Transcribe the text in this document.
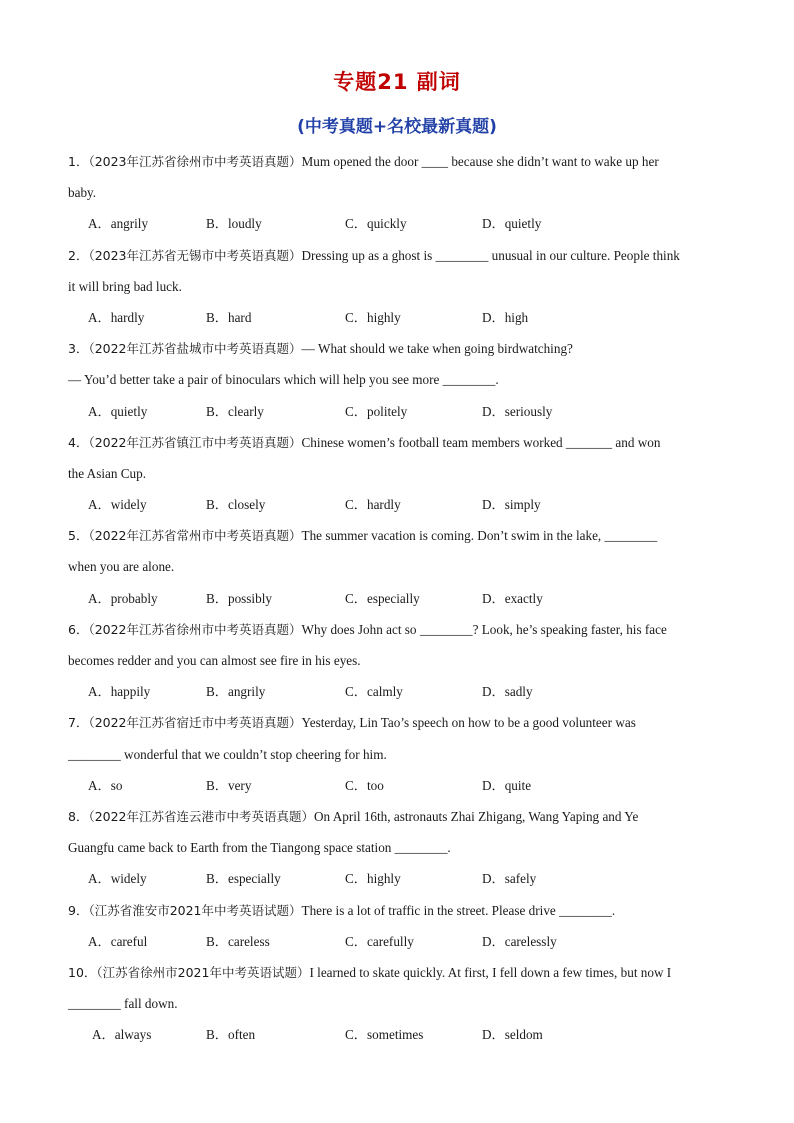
专题21 副词
(中考真题+名校最新真题)
1．（2023年江苏省徐州市中考英语真题）Mum opened the door ____ because she didn’t want to wake up her
baby.
A．angrily	B．loudly	C．quickly	D．quietly
2．（2023年江苏省无锡市中考英语真题）Dressing up as a ghost is ________ unusual in our culture. People think
it will bring bad luck.
A．hardly	B．hard	C．highly	D．high
3．（2022年江苏省盐城市中考英语真题）— What should we take when going birdwatching?
— You’d better take a pair of binoculars which will help you see more ________.
A．quietly	B．clearly	C．politely	D．seriously
4．（2022年江苏省镇江市中考英语真题）Chinese women’s football team members worked _______ and won
the Asian Cup.
A．widely	B．closely	C．hardly	D．simply
5．（2022年江苏省常州市中考英语真题）The summer vacation is coming. Don’t swim in the lake, ________
when you are alone.
A．probably	B．possibly	C．especially	D．exactly
6．（2022年江苏省徐州市中考英语真题）Why does John act so ________? Look, he’s speaking faster, his face
becomes redder and you can almost see fire in his eyes.
A．happily	B．angrily	C．calmly	D．sadly
7．（2022年江苏省宿迁市中考英语真题）Yesterday, Lin Tao’s speech on how to be a good volunteer was
________ wonderful that we couldn’t stop cheering for him.
A．so	B．very	C．too	D．quite
8．（2022年江苏省连云港市中考英语真题）On April 16th, astronauts Zhai Zhigang, Wang Yaping and Ye
Guangfu came back to Earth from the Tiangong space station ________.
A．widely	B．especially	C．highly	D．safely
9．（江苏省淮安市2021年中考英语试题）There is a lot of traffic in the street. Please drive ________.
A．careful	B．careless	C．carefully	D．carelessly
10．（江苏省徐州市2021年中考英语试题）I learned to skate quickly. At first, I fell down a few times, but now I
________ fall down.
A．always	B．often	C．sometimes	D．seldom
